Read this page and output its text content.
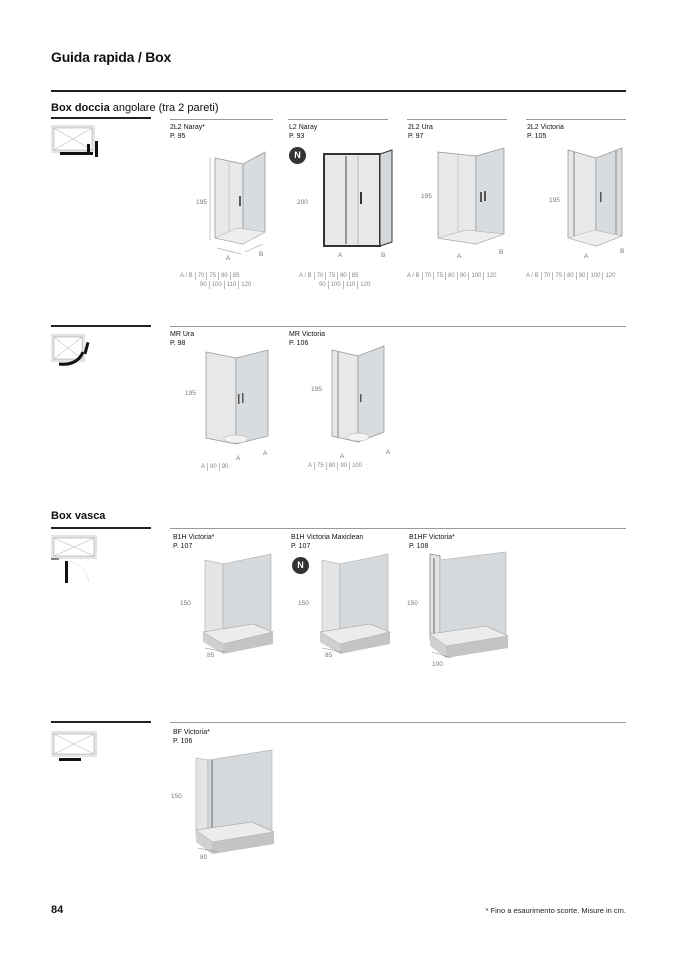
Guida rapida / Box
Box doccia angolare (tra 2 pareti)
2L2 Naray*
P. 95
195
A
B
A / B 70 75 80 85
90 100 110 120
L2 Naray
P. 93
N
200
A	B
A / B 70 75 80 85
90 100 110 120
2L2 Ura
P. 97
195
A
B
A / B 70 75 80 90 100 120
2L2 Victoria
P. 105
195
A
B
A / B 70 75 80 90 100 120
MR Ura
P. 98
195
A
A
A 80 90
MR Victoria
P. 106
195
A
A
A 75 80 90 100
Box vasca
B1H Victoria*
P. 107
150
85
B1H Victoria Maxiclean
P. 107
N
150
85
B1HF Victoria*
P. 108
150
100
BF Victoria*
P. 106
150
80
84	* Fino a esaurimento scorte. Misure in cm.
